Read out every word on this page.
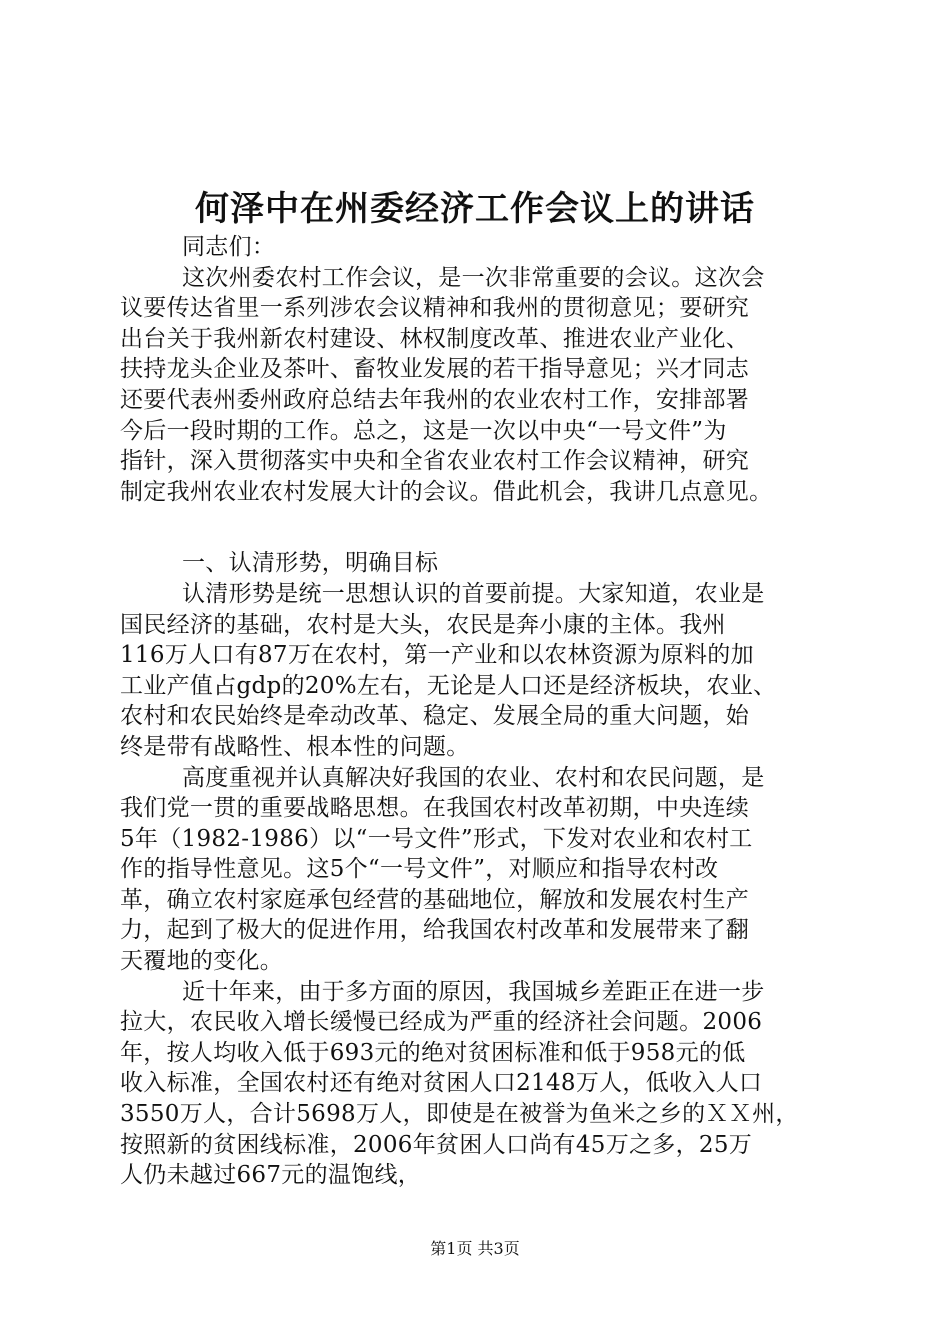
何泽中在州委经济工作会议上的讲话
同志们：
这次州委农村工作会议，是一次非常重要的会议。这次会
议要传达省里一系列涉农会议精神和我州的贯彻意见；要研究
出台关于我州新农村建设、林权制度改革、推进农业产业化、
扶持龙头企业及茶叶、畜牧业发展的若干指导意见；兴才同志
还要代表州委州政府总结去年我州的农业农村工作，安排部署
今后一段时期的工作。总之，这是一次以中央“一号文件”为
指针，深入贯彻落实中央和全省农业农村工作会议精神，研究
制定我州农业农村发展大计的会议。借此机会，我讲几点意见。
一、认清形势，明确目标
认清形势是统一思想认识的首要前提。大家知道，农业是
国民经济的基础，农村是大头，农民是奔小康的主体。我州
116万人口有87万在农村，第一产业和以农林资源为原料的加
工业产值占gdp的20%左右，无论是人口还是经济板块，农业、
农村和农民始终是牵动改革、稳定、发展全局的重大问题，始
终是带有战略性、根本性的问题。
高度重视并认真解决好我国的农业、农村和农民问题，是
我们党一贯的重要战略思想。在我国农村改革初期，中央连续
5年（1982-1986）以“一号文件”形式，下发对农业和农村工
作的指导性意见。这5个“一号文件”，对顺应和指导农村改
革，确立农村家庭承包经营的基础地位，解放和发展农村生产
力，起到了极大的促进作用，给我国农村改革和发展带来了翻
天覆地的变化。
近十年来，由于多方面的原因，我国城乡差距正在进一步
拉大，农民收入增长缓慢已经成为严重的经济社会问题。2006
年，按人均收入低于693元的绝对贫困标准和低于958元的低
收入标准，全国农村还有绝对贫困人口2148万人，低收入人口
3550万人，合计5698万人，即使是在被誉为鱼米之乡的ＸＸ州，
按照新的贫困线标准，2006年贫困人口尚有45万之多，25万
人仍未越过667元的温饱线，
第1页 共3页
